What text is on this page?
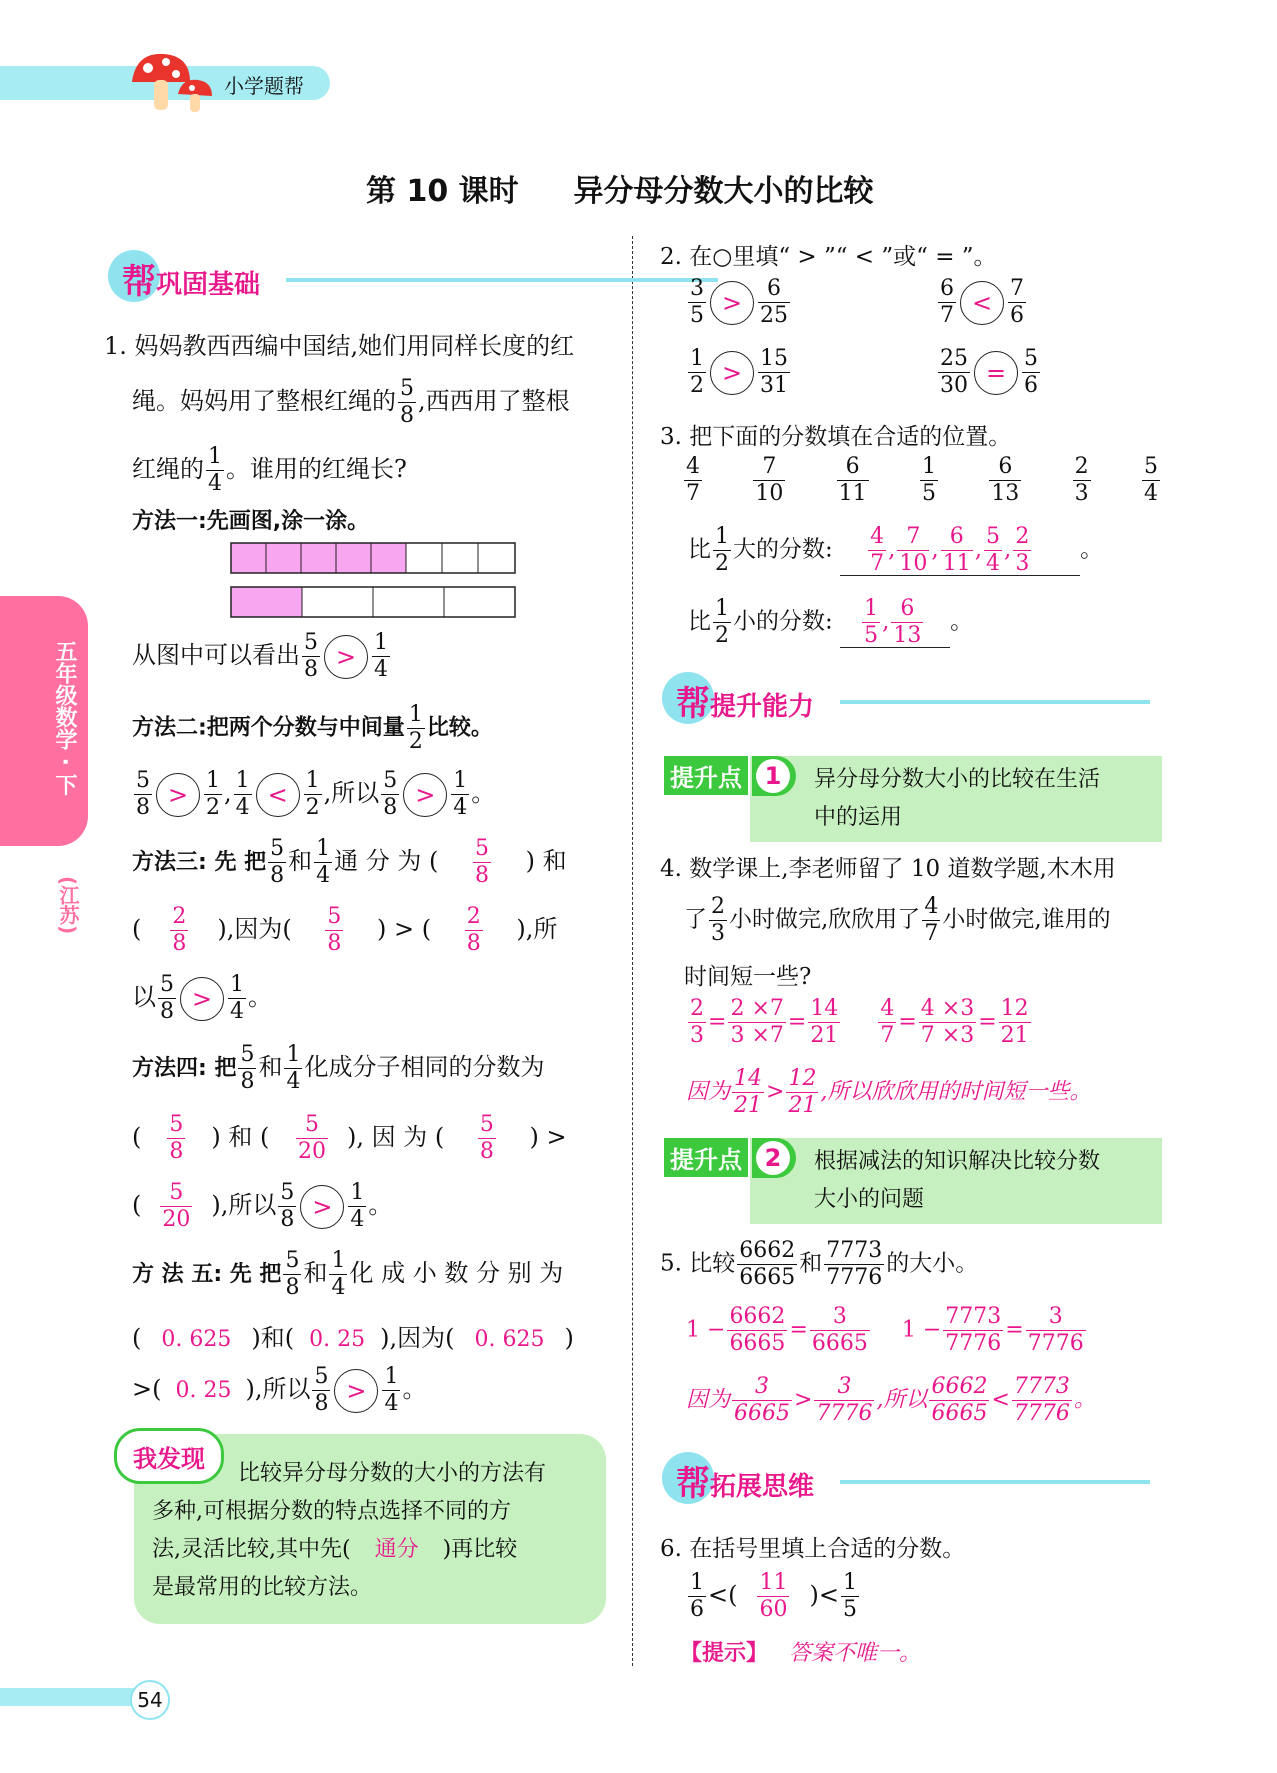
小学题帮
第 10 课时 异分母分数大小的比较
五年级数学 · 下
(江苏)
帮巩固基础
1. 妈妈教西西编中国结,她们用同样长度的红
绳。妈妈用了整根红绳的 $\frac{5}{8}$ ,西西用了整根
红绳的 $\frac{1}{4}$ 。谁用的红绳长?
方法一:先画图,涂一涂。
从图中可以看出 $\frac{5}{8} > \frac{1}{4}$
方法二:把两个分数与中间量 $\frac{1}{2}$ 比较。
$\frac{5}{8} > \frac{1}{2}$ , $\frac{1}{4} < \frac{1}{2}$ ,所以 $\frac{5}{8} > \frac{1}{4}$ 。
方法三: 先 把 $\frac{5}{8}$ 和 $\frac{1}{4}$ 通 分 为 ( $\frac{5}{8}$ ) 和
( $\frac{2}{8}$ ),因为( $\frac{5}{8}$ ) > ( $\frac{2}{8}$ ),所
以 $\frac{5}{8} > \frac{1}{4}$ 。
方法四: 把 $\frac{5}{8}$ 和 $\frac{1}{4}$ 化成分子相同的分数为
( $\frac{5}{8}$ ) 和 ( $\frac{5}{20}$ ), 因 为 ( $\frac{5}{8}$ ) >
( $\frac{5}{20}$ ),所以 $\frac{5}{8} > \frac{1}{4}$ 。
方 法 五: 先 把 $\frac{5}{8}$ 和 $\frac{1}{4}$ 化 成 小 数 分 别 为
( 0. 625 )和( 0. 25 ),因为( 0. 625 )
>( 0. 25 ),所以 $\frac{5}{8} > \frac{1}{4}$ 。
我发现
比较异分母分数的大小的方法有
多种,可根据分数的特点选择不同的方
法,灵活比较,其中先( 通分 )再比较
是最常用的比较方法。
54
2. 在○里填“ > ”“ < ”或“ = ”。
$\frac{3}{5} > \frac{6}{25}$	$\frac{6}{7} < \frac{7}{6}$
$\frac{1}{2} > \frac{15}{31}$	$\frac{25}{30} = \frac{5}{6}$
3. 把下面的分数填在合适的位置。
$\frac{4}{7} \frac{7}{10} \frac{6}{11} \frac{1}{5} \frac{6}{13} \frac{2}{3} \frac{5}{4}$
比 $\frac{1}{2}$ 大的分数: $\frac{4}{7}$ , $\frac{7}{10}$ , $\frac{6}{11}$ , $\frac{5}{4}$ , $\frac{2}{3}$ 。
比 $\frac{1}{2}$ 小的分数: $\frac{1}{5}$ , $\frac{6}{13}$ 。
帮提升能力
提升点 1	异分母分数大小的比较在生活
中的运用
4. 数学课上,李老师留了 10 道数学题,木木用
了 $\frac{2}{3}$ 小时做完,欣欣用了 $\frac{4}{7}$ 小时做完,谁用的
时间短一些?
$\frac{2}{3} = \frac{2 \times 7}{3 \times 7} = \frac{14}{21}$
$\frac{4}{7} = \frac{4 \times 3}{7 \times 3} = \frac{12}{21}$
因为 $\frac{14}{21} > \frac{12}{21}$ ,所以欣欣用的时间短一些。
提升点 2	根据减法的知识解决比较分数
大小的问题
5. 比较 $\frac{6662}{6665}$ 和 $\frac{7773}{7776}$ 的大小。
$1 - \frac{6662}{6665} = \frac{3}{6665} 1 - \frac{7773}{7776} = \frac{3}{7776}$
因为 $\frac{3}{6665} > \frac{3}{7776}$ ,所以 $\frac{6662}{6665} < \frac{7773}{7776}$ 。
帮拓展思维
6. 在括号里填上合适的分数。
$\frac{1}{6}$ <( $\frac{11}{60}$ )< $\frac{1}{5}$
【提示】 答案不唯一。
